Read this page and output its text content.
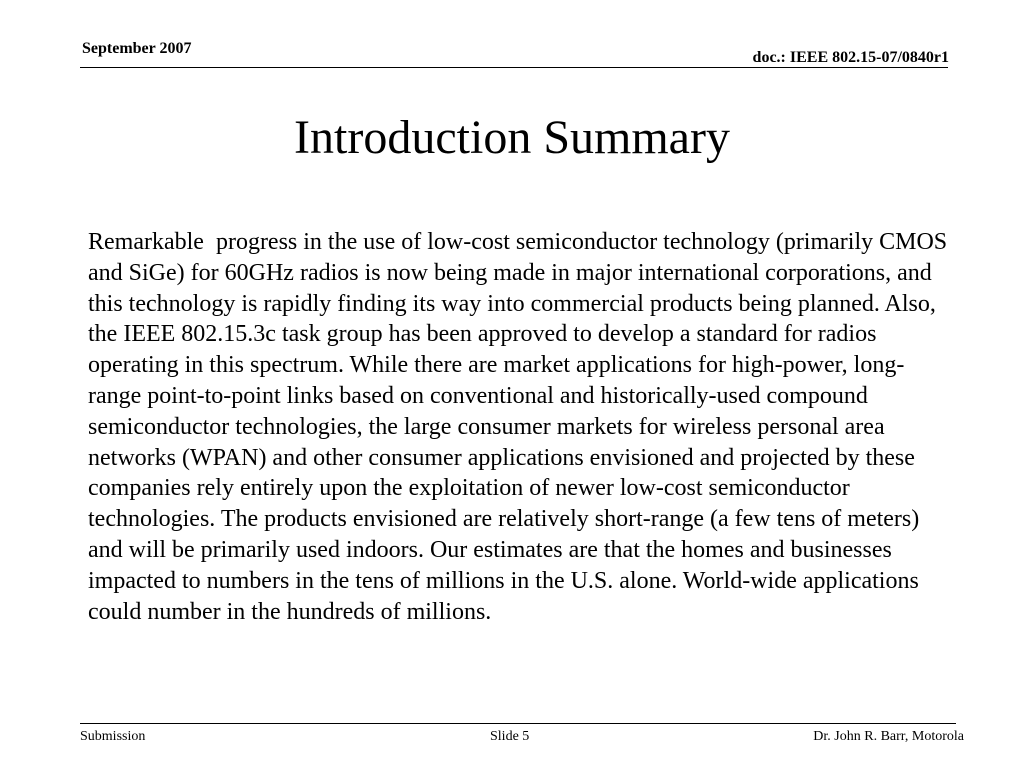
September 2007
doc.: IEEE 802.15-07/0840r1
Introduction Summary
Remarkable  progress in the use of low-cost semiconductor technology (primarily CMOS and SiGe) for 60GHz radios is now being made in major international corporations, and this technology is rapidly finding its way into commercial products being planned. Also, the IEEE 802.15.3c task group has been approved to develop a standard for radios operating in this spectrum. While there are market applications for high-power, long-range point-to-point links based on conventional and historically-used compound semiconductor technologies, the large consumer markets for wireless personal area networks (WPAN) and other consumer applications envisioned and projected by these companies rely entirely upon the exploitation of newer low-cost semiconductor technologies. The products envisioned are relatively short-range (a few tens of meters) and will be primarily used indoors. Our estimates are that the homes and businesses impacted to numbers in the tens of millions in the U.S. alone. World-wide applications could number in the hundreds of millions.
Submission	Slide 5	Dr. John R. Barr, Motorola
